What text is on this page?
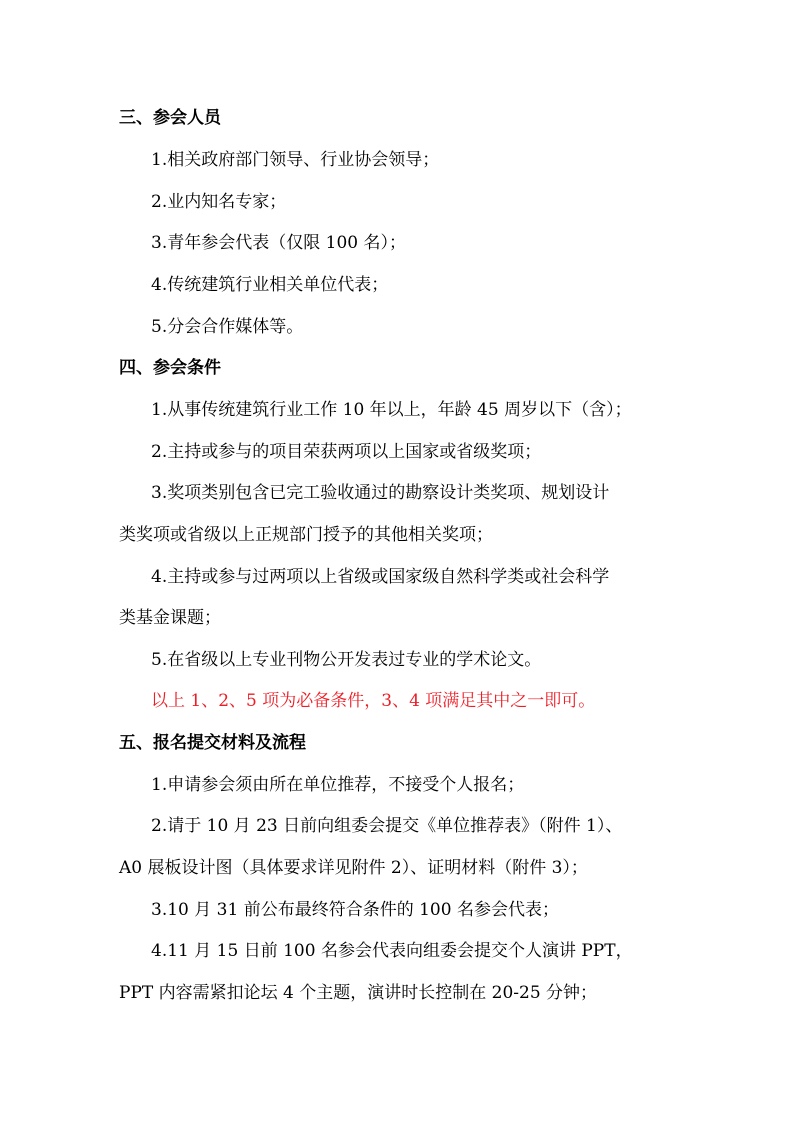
三、参会人员
1.相关政府部门领导、行业协会领导；
2.业内知名专家；
3.青年参会代表（仅限 100 名）；
4.传统建筑行业相关单位代表；
5.分会合作媒体等。
四、参会条件
1.从事传统建筑行业工作 10 年以上，年龄 45 周岁以下（含）；
2.主持或参与的项目荣获两项以上国家或省级奖项；
3.奖项类别包含已完工验收通过的勘察设计类奖项、规划设计
类奖项或省级以上正规部门授予的其他相关奖项；
4.主持或参与过两项以上省级或国家级自然科学类或社会科学
类基金课题；
5.在省级以上专业刊物公开发表过专业的学术论文。
以上 1、2、5 项为必备条件，3、4 项满足其中之一即可。
五、报名提交材料及流程
1.申请参会须由所在单位推荐，不接受个人报名；
2.请于 10 月 23 日前向组委会提交《单位推荐表》（附件 1）、
A0 展板设计图（具体要求详见附件 2）、证明材料（附件 3）；
3.10 月 31 前公布最终符合条件的 100 名参会代表；
4.11 月 15 日前 100 名参会代表向组委会提交个人演讲 PPT，
PPT 内容需紧扣论坛 4 个主题，演讲时长控制在 20-25 分钟；
